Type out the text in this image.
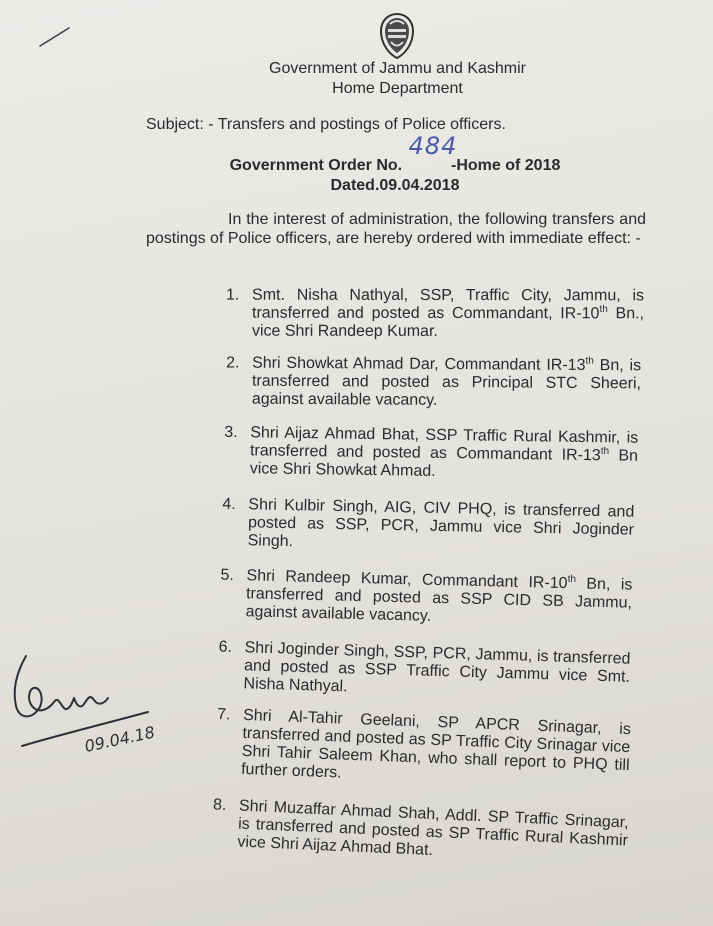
Government of Jammu and Kashmir
Home Department
Subject: - Transfers and postings of Police officers.
Government Order No.
484
-Home of 2018
Dated.09.04.2018
In the interest of administration, the following transfers and postings of Police officers, are hereby ordered with immediate effect: -
1. Smt. Nisha Nathyal, SSP, Traffic City, Jammu, is transferred and posted as Commandant, IR-10th Bn., vice Shri Randeep Kumar.
2. Shri Showkat Ahmad Dar, Commandant IR-13th Bn, is transferred and posted as Principal STC Sheeri, against available vacancy.
3. Shri Aijaz Ahmad Bhat, SSP Traffic Rural Kashmir, is transferred and posted as Commandant IR-13th Bn vice Shri Showkat Ahmad.
4. Shri Kulbir Singh, AIG, CIV PHQ, is transferred and posted as SSP, PCR, Jammu vice Shri Joginder Singh.
5. Shri Randeep Kumar, Commandant IR-10th Bn, is transferred and posted as SSP CID SB Jammu, against available vacancy.
6. Shri Joginder Singh, SSP, PCR, Jammu, is transferred and posted as SSP Traffic City Jammu vice Smt. Nisha Nathyal.
7. Shri Al-Tahir Geelani, SP APCR Srinagar, is transferred and posted as SP Traffic City Srinagar vice Shri Tahir Saleem Khan, who shall report to PHQ till further orders.
8. Shri Muzaffar Ahmad Shah, Addl. SP Traffic Srinagar, is transferred and posted as SP Traffic Rural Kashmir vice Shri Aijaz Ahmad Bhat.
09.04.18
